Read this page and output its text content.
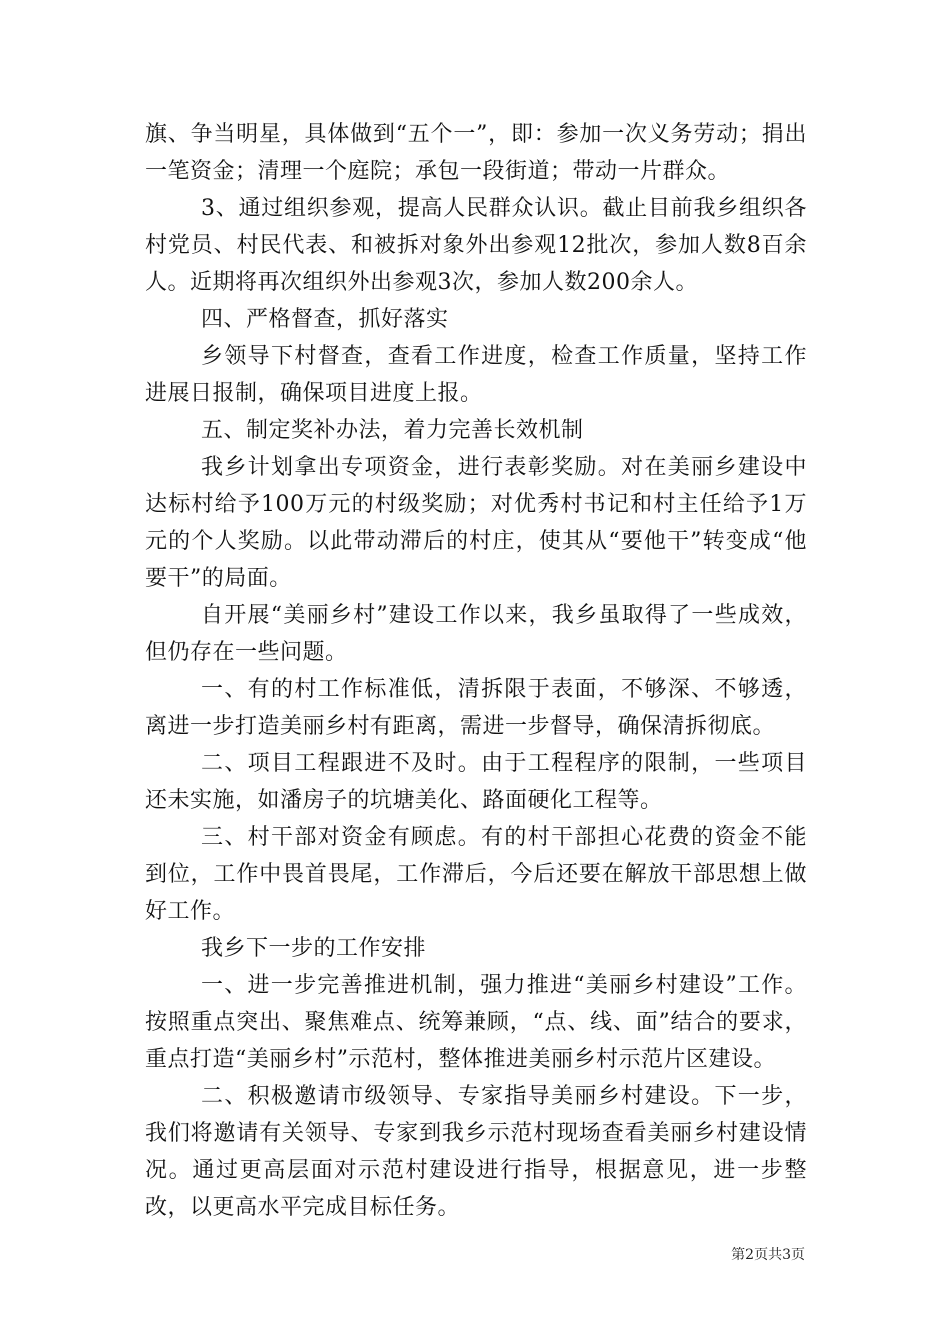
旗、争当明星，具体做到“五个一”，即：参加一次义务劳动；捐出一笔资金；清理一个庭院；承包一段街道；带动一片群众。

3、通过组织参观，提高人民群众认识。截止目前我乡组织各村党员、村民代表、和被拆对象外出参观12批次，参加人数8百余人。近期将再次组织外出参观3次，参加人数200余人。

四、严格督查，抓好落实

乡领导下村督查，查看工作进度，检查工作质量，坚持工作进展日报制，确保项目进度上报。

五、制定奖补办法，着力完善长效机制

我乡计划拿出专项资金，进行表彰奖励。对在美丽乡建设中达标村给予100万元的村级奖励；对优秀村书记和村主任给予1万元的个人奖励。以此带动滞后的村庄，使其从“要他干”转变成“他要干”的局面。

自开展“美丽乡村”建设工作以来，我乡虽取得了一些成效，但仍存在一些问题。

一、有的村工作标准低，清拆限于表面，不够深、不够透，离进一步打造美丽乡村有距离，需进一步督导，确保清拆彻底。

二、项目工程跟进不及时。由于工程程序的限制，一些项目还未实施，如潘房子的坑塘美化、路面硬化工程等。

三、村干部对资金有顾虑。有的村干部担心花费的资金不能到位，工作中畏首畏尾，工作滞后，今后还要在解放干部思想上做好工作。

我乡下一步的工作安排

一、进一步完善推进机制，强力推进“美丽乡村建设”工作。按照重点突出、聚焦难点、统筹兼顾，“点、线、面”结合的要求，重点打造“美丽乡村”示范村，整体推进美丽乡村示范片区建设。

二、积极邀请市级领导、专家指导美丽乡村建设。下一步，我们将邀请有关领导、专家到我乡示范村现场查看美丽乡村建设情况。通过更高层面对示范村建设进行指导，根据意见，进一步整改，以更高水平完成目标任务。

第2页共3页
